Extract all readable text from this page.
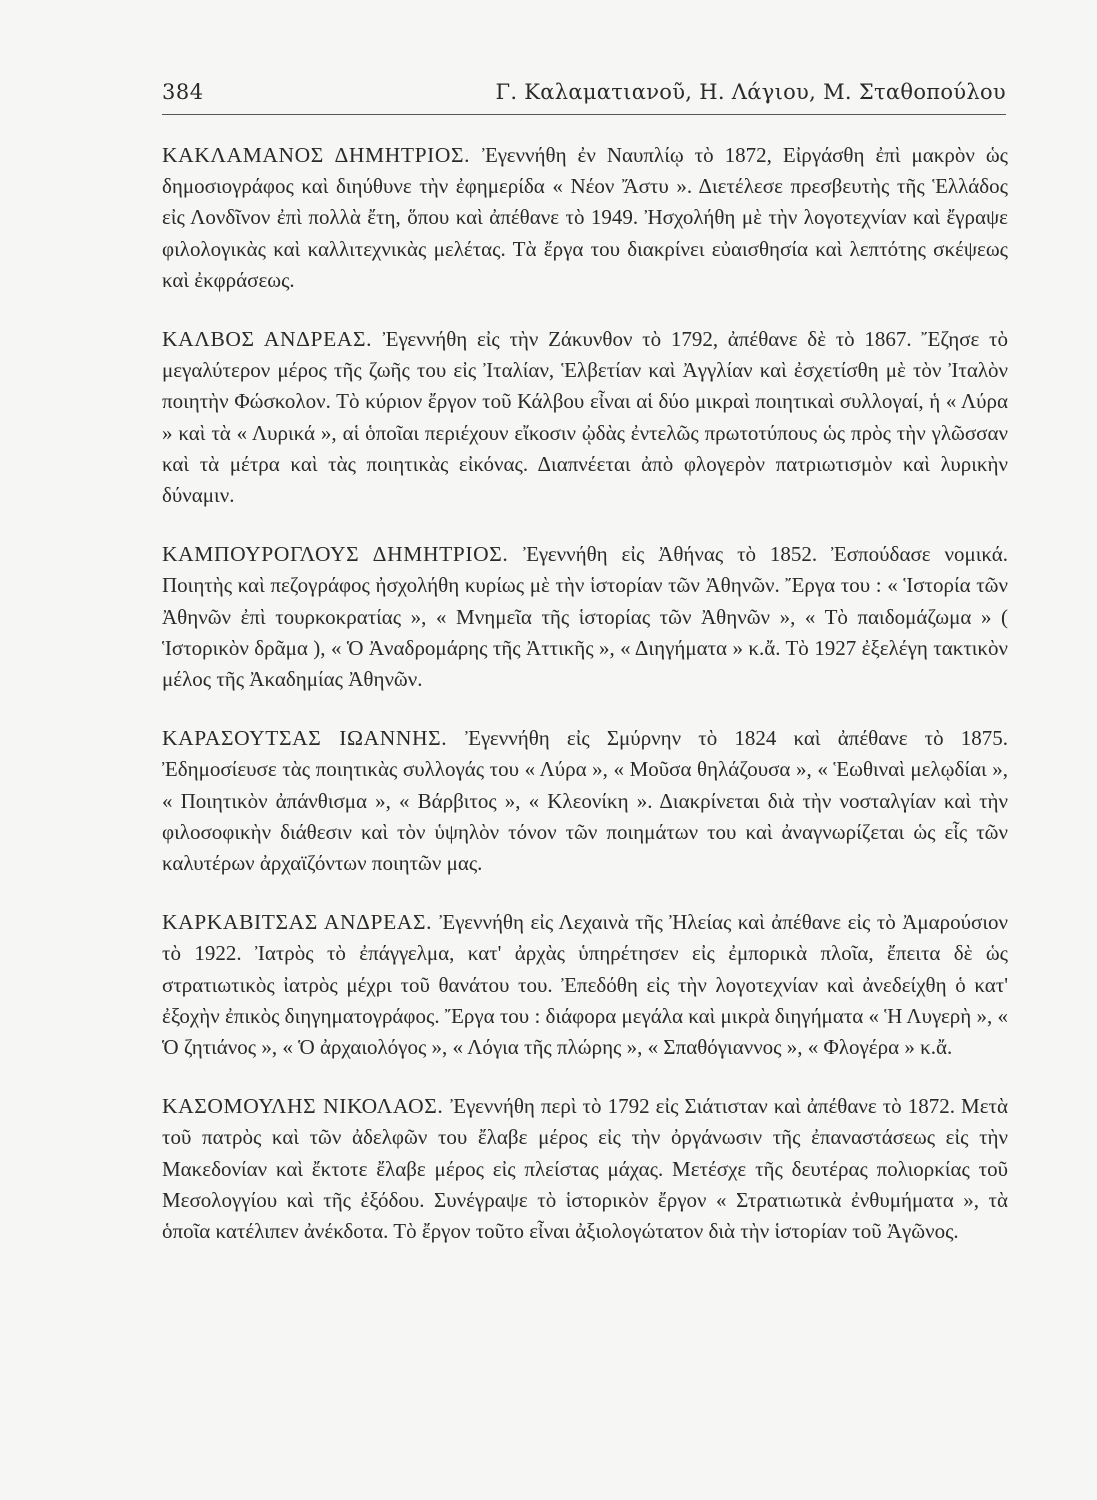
384	Γ. Καλαματιανοῦ, Η. Λάγιου, Μ. Σταθοπούλου

ΚΑΚΛΑΜΑΝΟΣ ΔΗΜΗΤΡΙΟΣ. Ἐγεννήθη ἐν Ναυπλίῳ τὸ 1872, Εἰργάσθη ἐπὶ μακρὸν ὡς δημοσιογράφος καὶ διηύθυνε τὴν ἐφημερίδα « Νέον Ἄστυ ». Διετέλεσε πρεσβευτὴς τῆς Ἑλλάδος εἰς Λονδῖνον ἐπὶ πολλὰ ἔτη, ὅπου καὶ ἀπέθανε τὸ 1949. Ἠσχολήθη μὲ τὴν λογοτεχνίαν καὶ ἔγραψε φιλολογικὰς καὶ καλλιτεχνικὰς μελέτας. Τὰ ἔργα του διακρίνει εὐαισθησία καὶ λεπτότης σκέψεως καὶ ἐκφράσεως.

ΚΑΛΒΟΣ ΑΝΔΡΕΑΣ. Ἐγεννήθη εἰς τὴν Ζάκυνθον τὸ 1792, ἀπέθανε δὲ τὸ 1867. Ἔζησε τὸ μεγαλύτερον μέρος τῆς ζωῆς του εἰς Ἰταλίαν, Ἑλβετίαν καὶ Ἀγγλίαν καὶ ἐσχετίσθη μὲ τὸν Ἰταλὸν ποιητὴν Φώσκολον. Τὸ κύριον ἔργον τοῦ Κάλβου εἶναι αἱ δύο μικραὶ ποιητικαὶ συλλογαί, ἡ « Λύρα » καὶ τὰ « Λυρικά », αἱ ὁποῖαι περιέχουν εἴκοσιν ᾠδὰς ἐντελῶς πρωτοτύπους ὡς πρὸς τὴν γλῶσσαν καὶ τὰ μέτρα καὶ τὰς ποιητικὰς εἰκόνας. Διαπνέεται ἀπὸ φλογερὸν πατριωτισμὸν καὶ λυρικὴν δύναμιν.

ΚΑΜΠΟΥΡΟΓΛΟΥΣ ΔΗΜΗΤΡΙΟΣ. Ἐγεννήθη εἰς Ἀθήνας τὸ 1852. Ἐσπούδασε νομικά. Ποιητὴς καὶ πεζογράφος ἠσχολήθη κυρίως μὲ τὴν ἱστορίαν τῶν Ἀθηνῶν. Ἔργα του : « Ἱστορία τῶν Ἀθηνῶν ἐπὶ τουρκοκρατίας », « Μνημεῖα τῆς ἱστορίας τῶν Ἀθηνῶν », « Τὸ παιδομάζωμα » ( Ἱστορικὸν δρᾶμα ), « Ὁ Ἀναδρομάρης τῆς Ἀττικῆς », « Διηγήματα » κ.ἄ. Τὸ 1927 ἐξελέγη τακτικὸν μέλος τῆς Ἀκαδημίας Ἀθηνῶν.

ΚΑΡΑΣΟΥΤΣΑΣ ΙΩΑΝΝΗΣ. Ἐγεννήθη εἰς Σμύρνην τὸ 1824 καὶ ἀπέθανε τὸ 1875. Ἐδημοσίευσε τὰς ποιητικὰς συλλογάς του « Λύρα », « Μοῦσα θηλάζουσα », « Ἑωθιναὶ μελῳδίαι », « Ποιητικὸν ἀπάνθισμα », « Βάρβιτος », « Κλεονίκη ». Διακρίνεται διὰ τὴν νοσταλγίαν καὶ τὴν φιλοσοφικὴν διάθεσιν καὶ τὸν ὑψηλὸν τόνον τῶν ποιημάτων του καὶ ἀναγνωρίζεται ὡς εἷς τῶν καλυτέρων ἀρχαϊζόντων ποιητῶν μας.

ΚΑΡΚΑΒΙΤΣΑΣ ΑΝΔΡΕΑΣ. Ἐγεννήθη εἰς Λεχαινὰ τῆς Ἠλείας καὶ ἀπέθανε εἰς τὸ Ἀμαρούσιον τὸ 1922. Ἰατρὸς τὸ ἐπάγγελμα, κατ' ἀρχὰς ὑπηρέτησεν εἰς ἐμπορικὰ πλοῖα, ἔπειτα δὲ ὡς στρατιωτικὸς ἰατρὸς μέχρι τοῦ θανάτου του. Ἐπεδόθη εἰς τὴν λογοτεχνίαν καὶ ἀνεδείχθη ὁ κατ' ἐξοχὴν ἐπικὸς διηγηματογράφος. Ἔργα του : διάφορα μεγάλα καὶ μικρὰ διηγήματα « Ἡ Λυγερὴ », « Ὁ ζητιάνος », « Ὁ ἀρχαιολόγος », « Λόγια τῆς πλώρης », « Σπαθόγιαννος », « Φλογέρα » κ.ἄ.

ΚΑΣΟΜΟΥΛΗΣ ΝΙΚΟΛΑΟΣ. Ἐγεννήθη περὶ τὸ 1792 εἰς Σιάτισταν καὶ ἀπέθανε τὸ 1872. Μετὰ τοῦ πατρὸς καὶ τῶν ἀδελφῶν του ἔλαβε μέρος εἰς τὴν ὀργάνωσιν τῆς ἐπαναστάσεως εἰς τὴν Μακεδονίαν καὶ ἔκτοτε ἔλαβε μέρος εἰς πλείστας μάχας. Μετέσχε τῆς δευτέρας πολιορκίας τοῦ Μεσολογγίου καὶ τῆς ἐξόδου. Συνέγραψε τὸ ἱστορικὸν ἔργον « Στρατιωτικὰ ἐνθυμήματα », τὰ ὁποῖα κατέλιπεν ἀνέκδοτα. Τὸ ἔργον τοῦτο εἶναι ἀξιολογώτατον διὰ τὴν ἱστορίαν τοῦ Ἀγῶνος.
